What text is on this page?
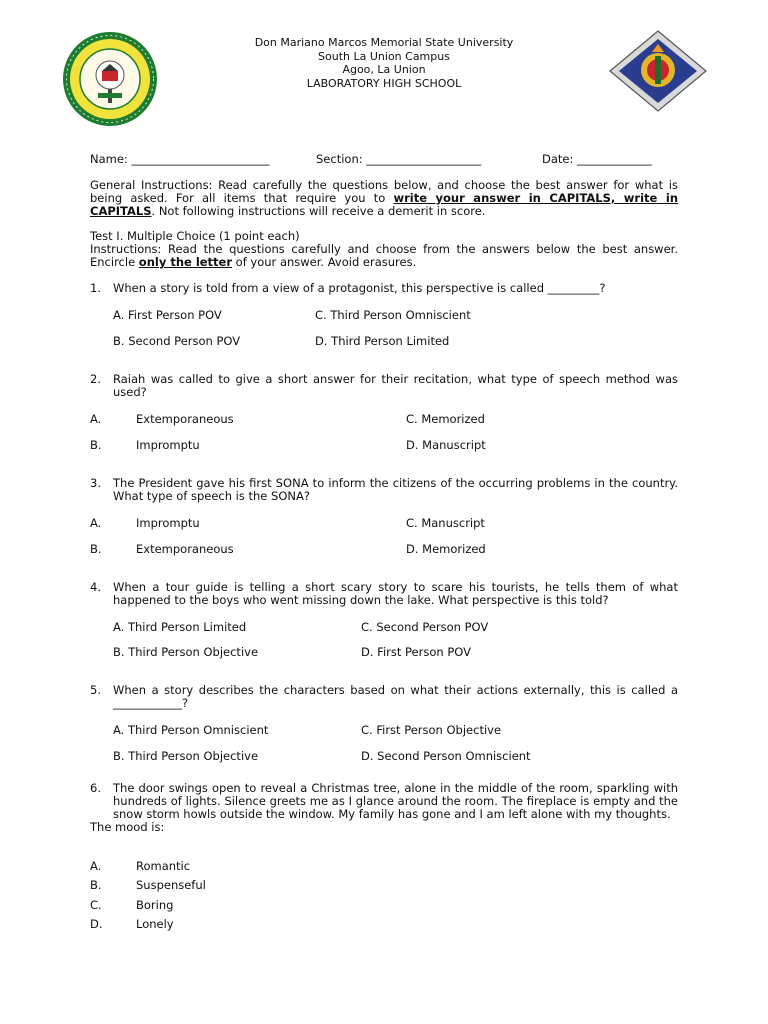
Don Mariano Marcos Memorial State University
South La Union Campus
Agoo, La Union
LABORATORY HIGH SCHOOL
Name: ________________________	Section: ____________________	Date: _____________
General Instructions: Read carefully the questions below, and choose the best answer for what is being asked. For all items that require you to write your answer in CAPITALS, write in CAPITALS. Not following instructions will receive a demerit in score.
Test I. Multiple Choice (1 point each)
Instructions: Read the questions carefully and choose from the answers below the best answer. Encircle only the letter of your answer. Avoid erasures.
1. When a story is told from a view of a protagonist, this perspective is called _________?
A. First Person POV	C. Third Person Omniscient
B. Second Person POV	D. Third Person Limited
2. Raiah was called to give a short answer for their recitation, what type of speech method was used?
A.	Extemporaneous	C. Memorized
B.	Impromptu	D. Manuscript
3. The President gave his first SONA to inform the citizens of the occurring problems in the country. What type of speech is the SONA?
A.	Impromptu	C. Manuscript
B.	Extemporaneous	D. Memorized
4. When a tour guide is telling a short scary story to scare his tourists, he tells them of what happened to the boys who went missing down the lake. What perspective is this told?
A. Third Person Limited	C. Second Person POV
B. Third Person Objective	D. First Person POV
5. When a story describes the characters based on what their actions externally, this is called a ____________?
A. Third Person Omniscient	C. First Person Objective
B. Third Person Objective	D. Second Person Omniscient
6. The door swings open to reveal a Christmas tree, alone in the middle of the room, sparkling with hundreds of lights. Silence greets me as I glance around the room. The fireplace is empty and the snow storm howls outside the window. My family has gone and I am left alone with my thoughts.
The mood is:
A.	Romantic
B.	Suspenseful
C.	Boring
D.	Lonely
